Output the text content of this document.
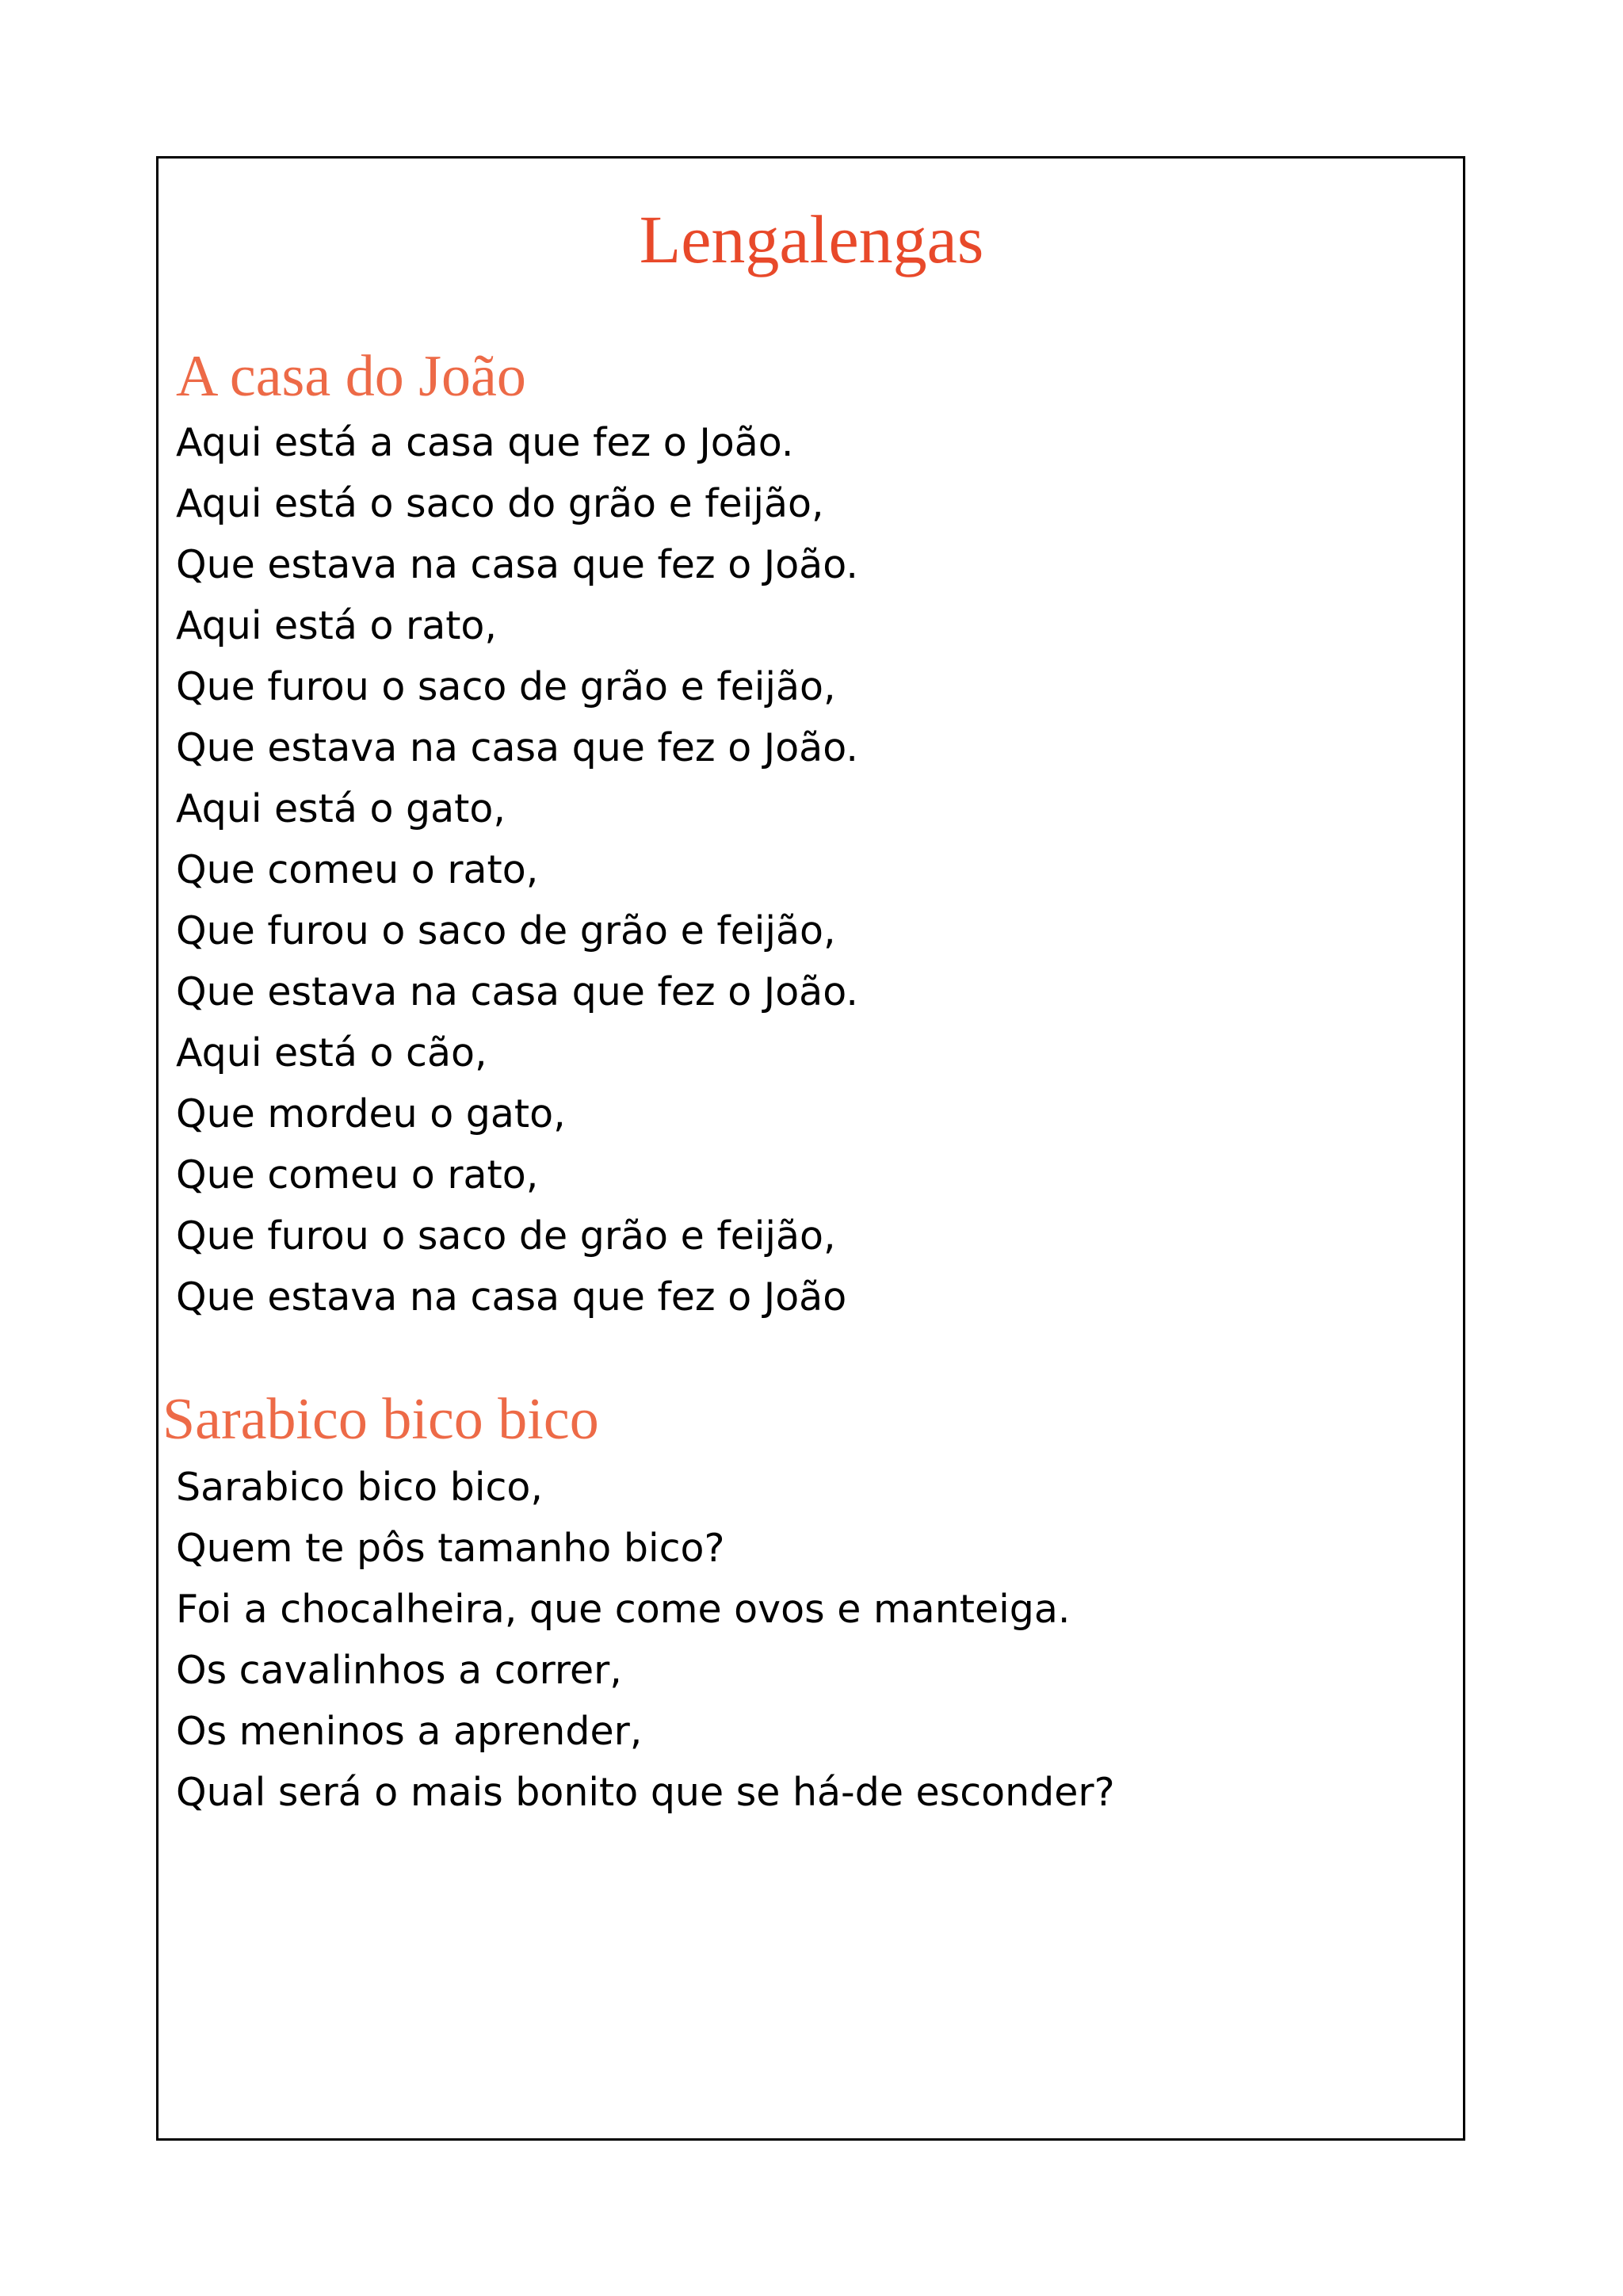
Lengalengas
A casa do João
Aqui está a casa que fez o João.
Aqui está o saco do grão e feijão,
Que estava na casa que fez o João.
Aqui está o rato,
Que furou o saco de grão e feijão,
Que estava na casa que fez o João.
Aqui está o gato,
Que comeu o rato,
Que furou o saco de grão e feijão,
Que estava na casa que fez o João.
Aqui está o cão,
Que mordeu o gato,
Que comeu o rato,
Que furou o saco de grão e feijão,
Que estava na casa que fez o João
Sarabico bico bico
Sarabico bico bico,
Quem te pôs tamanho bico?
Foi a chocalheira, que come ovos e manteiga.
Os cavalinhos a correr,
Os meninos a aprender,
Qual será o mais bonito que se há-de esconder?
